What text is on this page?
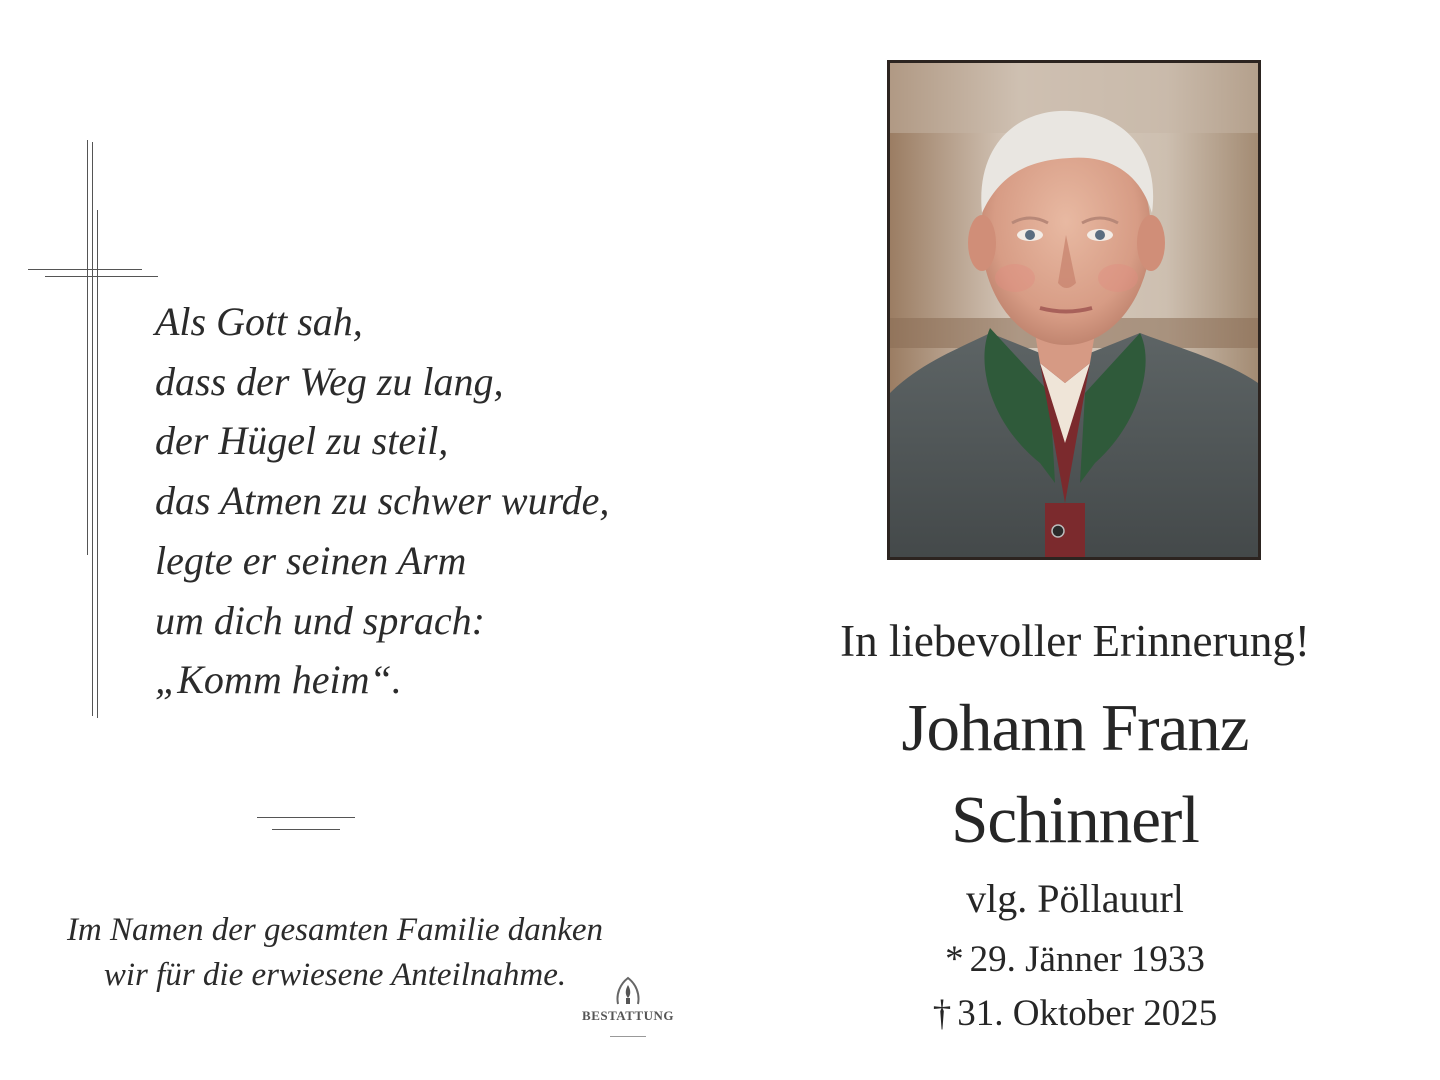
Als Gott sah,
dass der Weg zu lang,
der Hügel zu steil,
das Atmen zu schwer wurde,
legte er seinen Arm
um dich und sprach:
„Komm heim“.
Im Namen der gesamten Familie danken
wir für die erwiesene Anteilnahme.
BESTATTUNG
In liebevoller Erinnerung!
Johann Franz
Schinnerl
vlg. Pöllauurl
* 29. Jänner 1933
† 31. Oktober 2025
